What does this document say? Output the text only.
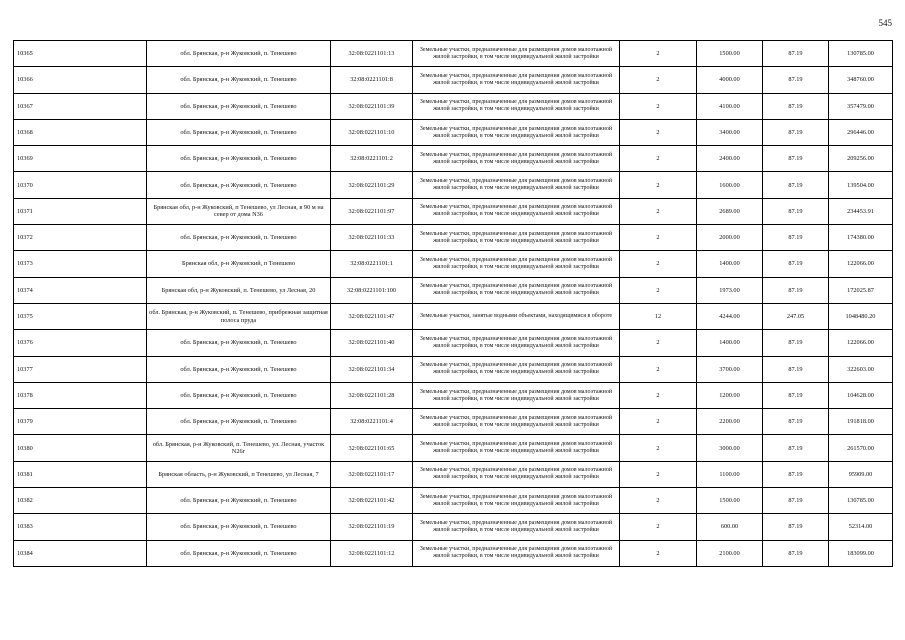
545
10365	обл. Брянская, р-н Жуковский, п. Тенешево	32:08:0221101:13	Земельные участки, предназначенные для размещения домов малоэтажной жилой застройки, в том числе индивидуальной жилой застройки	2	1500.00	87.19	130785.00
10366	обл. Брянская, р-н Жуковский, п. Тенешево	32:08:0221101:8	Земельные участки, предназначенные для размещения домов малоэтажной жилой застройки, в том числе индивидуальной жилой застройки	2	4000.00	87.19	348760.00
10367	обл. Брянская, р-н Жуковский, п. Тенешево	32:08:0221101:39	Земельные участки, предназначенные для размещения домов малоэтажной жилой застройки, в том числе индивидуальной жилой застройки	2	4100.00	87.19	357479.00
10368	обл. Брянская, р-н Жуковский, п. Тенешево	32:08:0221101:10	Земельные участки, предназначенные для размещения домов малоэтажной жилой застройки, в том числе индивидуальной жилой застройки	2	3400.00	87.19	296446.00
10369	обл. Брянская, р-н Жуковский, п. Тенешево	32:08:0221101:2	Земельные участки, предназначенные для размещения домов малоэтажной жилой застройки, в том числе индивидуальной жилой застройки	2	2400.00	87.19	209256.00
10370	обл. Брянская, р-н Жуковский, п. Тенешево	32:08:0221101:29	Земельные участки, предназначенные для размещения домов малоэтажной жилой застройки, в том числе индивидуальной жилой застройки	2	1600.00	87.19	139504.00
10371	Брянская обл, р-н Жуковский, п Тенешево, ул Лесная, в 90 м на север от дома N36	32:08:0221101:97	Земельные участки, предназначенные для размещения домов малоэтажной жилой застройки, в том числе индивидуальной жилой застройки	2	2689.00	87.19	234453.91
10372	обл. Брянская, р-н Жуковский, п. Тенешево	32:08:0221101:33	Земельные участки, предназначенные для размещения домов малоэтажной жилой застройки, в том числе индивидуальной жилой застройки	2	2000.00	87.19	174380.00
10373	Брянская обл, р-н Жуковский, п Тенешево	32:08:0221101:1	Земельные участки, предназначенные для размещения домов малоэтажной жилой застройки, в том числе индивидуальной жилой застройки	2	1400.00	87.19	122066.00
10374	Брянская обл, р-н Жуковский, п. Тенешево, ул Лесная, 20	32:08:0221101:100	Земельные участки, предназначенные для размещения домов малоэтажной жилой застройки, в том числе индивидуальной жилой застройки	2	1973.00	87.19	172025.87
10375	обл. Брянская, р-н Жуковский, п. Тенешево, прибрежная защитная полоса пруда	32:08:0221101:47	Земельные участки, занятые водными объектами, находящимися в обороте	12	4244.00	247.05	1048480.20
10376	обл. Брянская, р-н Жуковский, п. Тенешево	32:08:0221101:40	Земельные участки, предназначенные для размещения домов малоэтажной жилой застройки, в том числе индивидуальной жилой застройки	2	1400.00	87.19	122066.00
10377	обл. Брянская, р-н Жуковский, п. Тенешево	32:08:0221101:34	Земельные участки, предназначенные для размещения домов малоэтажной жилой застройки, в том числе индивидуальной жилой застройки	2	3700.00	87.19	322603.00
10378	обл. Брянская, р-н Жуковский, п. Тенешево	32:08:0221101:28	Земельные участки, предназначенные для размещения домов малоэтажной жилой застройки, в том числе индивидуальной жилой застройки	2	1200.00	87.19	104628.00
10379	обл. Брянская, р-н Жуковский, п. Тенешево	32:08:0221101:4	Земельные участки, предназначенные для размещения домов малоэтажной жилой застройки, в том числе индивидуальной жилой застройки	2	2200.00	87.19	191818.00
10380	обл. Брянская, р-н Жуковский, п. Тенешево, ул. Лесная, участок N26г	32:08:0221101:65	Земельные участки, предназначенные для размещения домов малоэтажной жилой застройки, в том числе индивидуальной жилой застройки	2	3000.00	87.19	261570.00
10381	Брянская область, р-н Жуковский, п Тенешево, ул Лесная, 7	32:08:0221101:17	Земельные участки, предназначенные для размещения домов малоэтажной жилой застройки, в том числе индивидуальной жилой застройки	2	1100.00	87.19	95909.00
10382	обл. Брянская, р-н Жуковский, п. Тенешево	32:08:0221101:42	Земельные участки, предназначенные для размещения домов малоэтажной жилой застройки, в том числе индивидуальной жилой застройки	2	1500.00	87.19	130785.00
10383	обл. Брянская, р-н Жуковский, п. Тенешево	32:08:0221101:19	Земельные участки, предназначенные для размещения домов малоэтажной жилой застройки, в том числе индивидуальной жилой застройки	2	600.00	87.19	52314.00
10384	обл. Брянская, р-н Жуковский, п. Тенешево	32:08:0221101:12	Земельные участки, предназначенные для размещения домов малоэтажной жилой застройки, в том числе индивидуальной жилой застройки	2	2100.00	87.19	183099.00
